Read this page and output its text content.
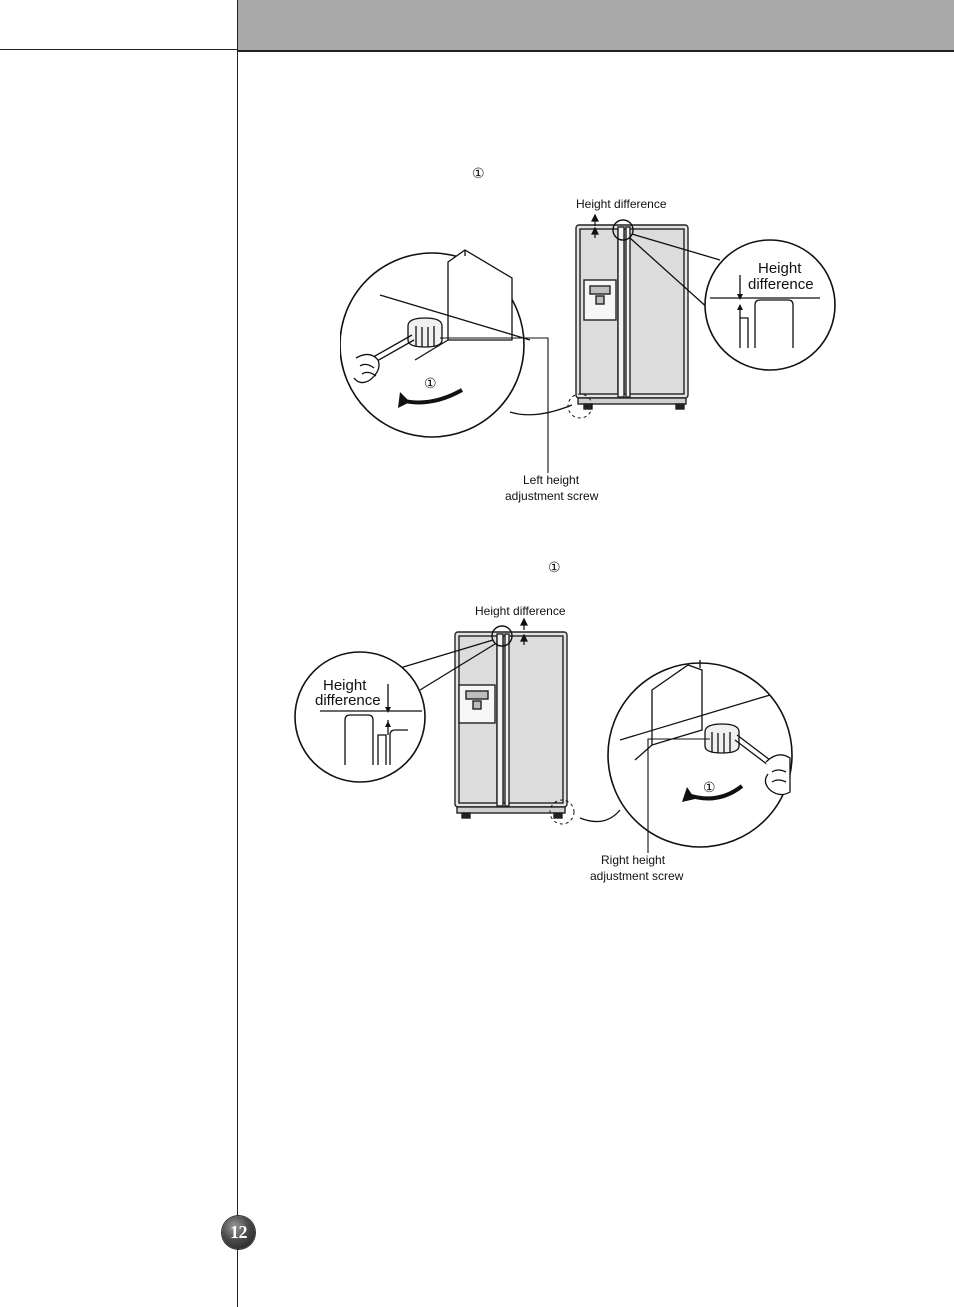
①
①
Height difference
Height
difference
①
Left height
adjustment screw
Height difference
Height
difference
①
Right height
adjustment screw
12
